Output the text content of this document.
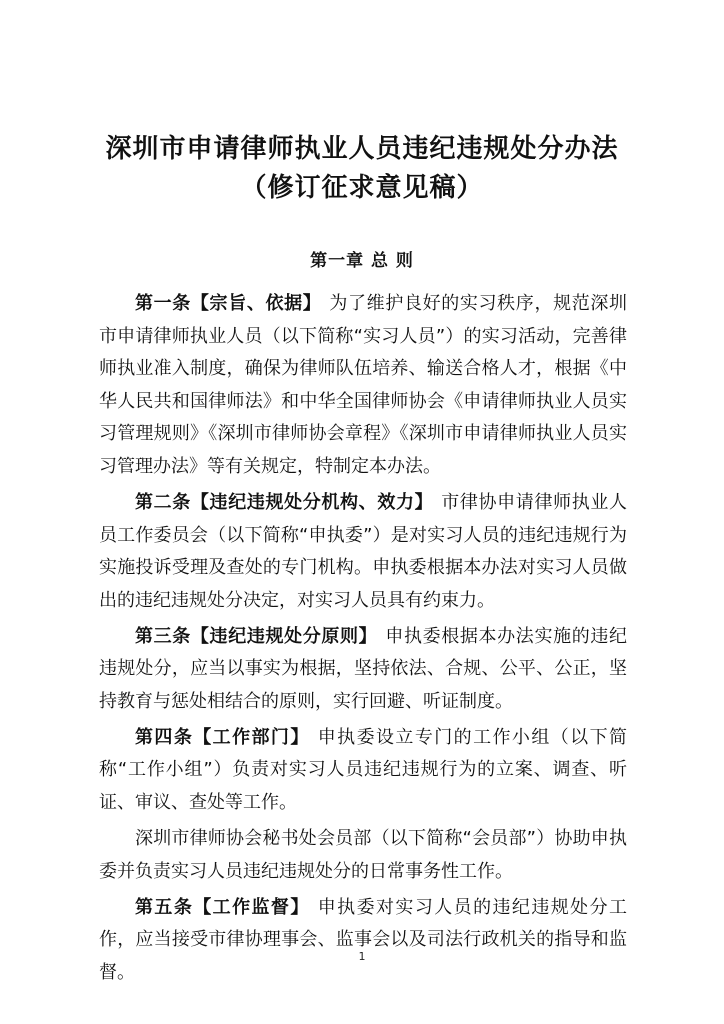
深圳市申请律师执业人员违纪违规处分办法
（修订征求意见稿）
第一章 总 则

第一条【宗旨、依据】 为了维护良好的实习秩序，规范深圳市申请律师执业人员（以下简称“实习人员”）的实习活动，完善律师执业准入制度，确保为律师队伍培养、输送合格人才，根据《中华人民共和国律师法》和中华全国律师协会《申请律师执业人员实习管理规则》《深圳市律师协会章程》《深圳市申请律师执业人员实习管理办法》等有关规定，特制定本办法。

第二条【违纪违规处分机构、效力】 市律协申请律师执业人员工作委员会（以下简称“申执委”）是对实习人员的违纪违规行为实施投诉受理及查处的专门机构。申执委根据本办法对实习人员做出的违纪违规处分决定，对实习人员具有约束力。

第三条【违纪违规处分原则】 申执委根据本办法实施的违纪违规处分，应当以事实为根据，坚持依法、合规、公平、公正，坚持教育与惩处相结合的原则，实行回避、听证制度。

第四条【工作部门】 申执委设立专门的工作小组（以下简称“工作小组”）负责对实习人员违纪违规行为的立案、调查、听证、审议、查处等工作。

深圳市律师协会秘书处会员部（以下简称“会员部”）协助申执委并负责实习人员违纪违规处分的日常事务性工作。

第五条【工作监督】 申执委对实习人员的违纪违规处分工作，应当接受市律协理事会、监事会以及司法行政机关的指导和监督。

1
